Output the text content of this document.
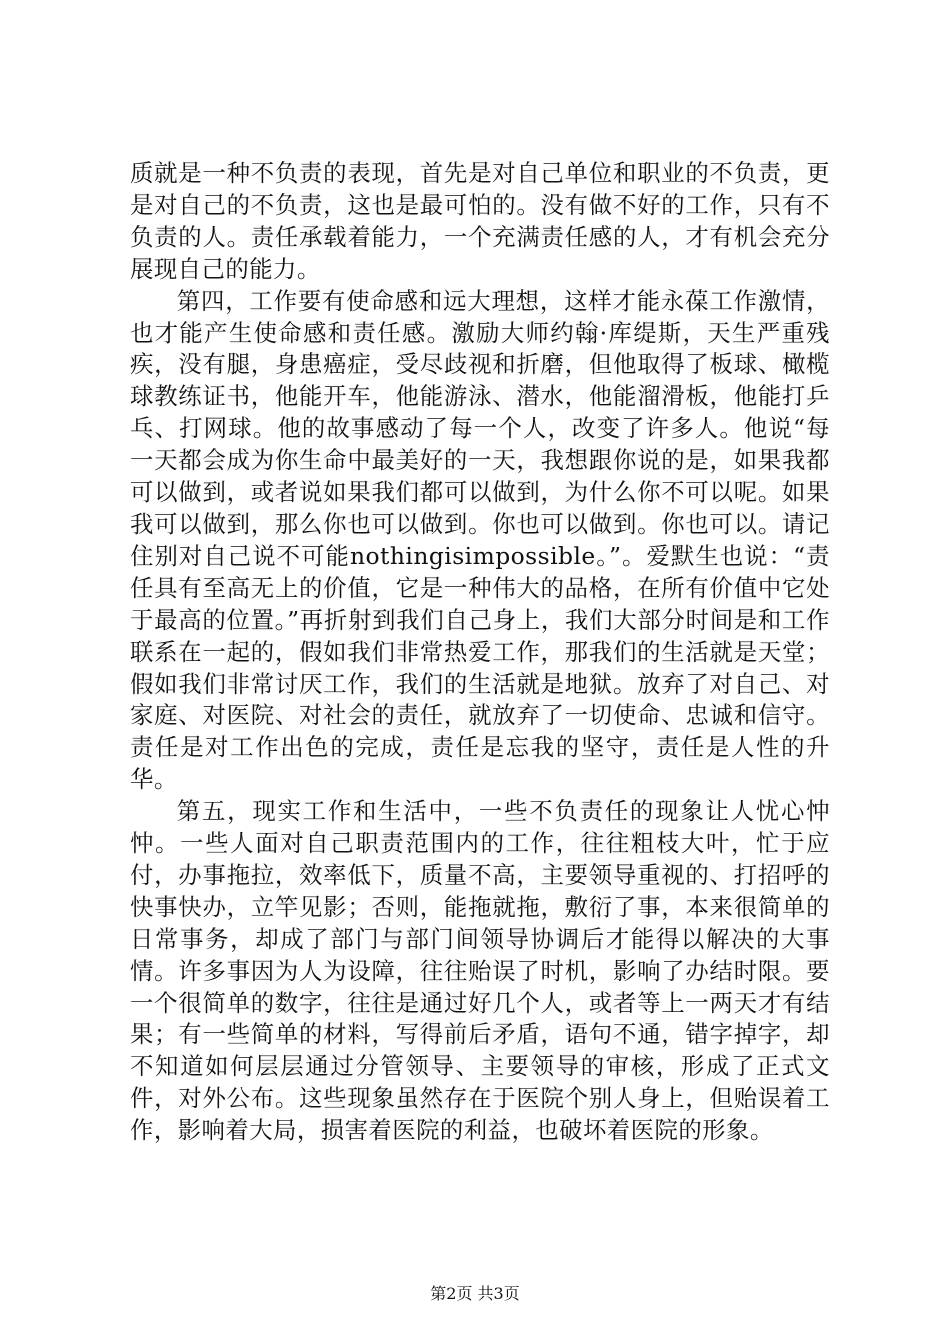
质就是一种不负责的表现，首先是对自己单位和职业的不负责，更是对自己的不负责，这也是最可怕的。没有做不好的工作，只有不负责的人。责任承载着能力，一个充满责任感的人，才有机会充分展现自己的能力。

第四，工作要有使命感和远大理想，这样才能永葆工作激情，也才能产生使命感和责任感。激励大师约翰·库缇斯，天生严重残疾，没有腿，身患癌症，受尽歧视和折磨，但他取得了板球、橄榄球教练证书，他能开车，他能游泳、潜水，他能溜滑板，他能打乒乓、打网球。他的故事感动了每一个人，改变了许多人。他说“每一天都会成为你生命中最美好的一天，我想跟你说的是，如果我都可以做到，或者说如果我们都可以做到，为什么你不可以呢。如果我可以做到，那么你也可以做到。你也可以做到。你也可以。请记住别对自己说不可能nothingisimpossible。”。爱默生也说：“责任具有至高无上的价值，它是一种伟大的品格，在所有价值中它处于最高的位置。”再折射到我们自己身上，我们大部分时间是和工作联系在一起的，假如我们非常热爱工作，那我们的生活就是天堂；假如我们非常讨厌工作，我们的生活就是地狱。放弃了对自己、对家庭、对医院、对社会的责任，就放弃了一切使命、忠诚和信守。责任是对工作出色的完成，责任是忘我的坚守，责任是人性的升华。

第五，现实工作和生活中，一些不负责任的现象让人忧心忡忡。一些人面对自己职责范围内的工作，往往粗枝大叶，忙于应付，办事拖拉，效率低下，质量不高，主要领导重视的、打招呼的快事快办，立竿见影；否则，能拖就拖，敷衍了事，本来很简单的日常事务，却成了部门与部门间领导协调后才能得以解决的大事情。许多事因为人为设障，往往贻误了时机，影响了办结时限。要一个很简单的数字，往往是通过好几个人，或者等上一两天才有结果；有一些简单的材料，写得前后矛盾，语句不通，错字掉字，却不知道如何层层通过分管领导、主要领导的审核，形成了正式文件，对外公布。这些现象虽然存在于医院个别人身上，但贻误着工作，影响着大局，损害着医院的利益，也破坏着医院的形象。

第2页 共3页
